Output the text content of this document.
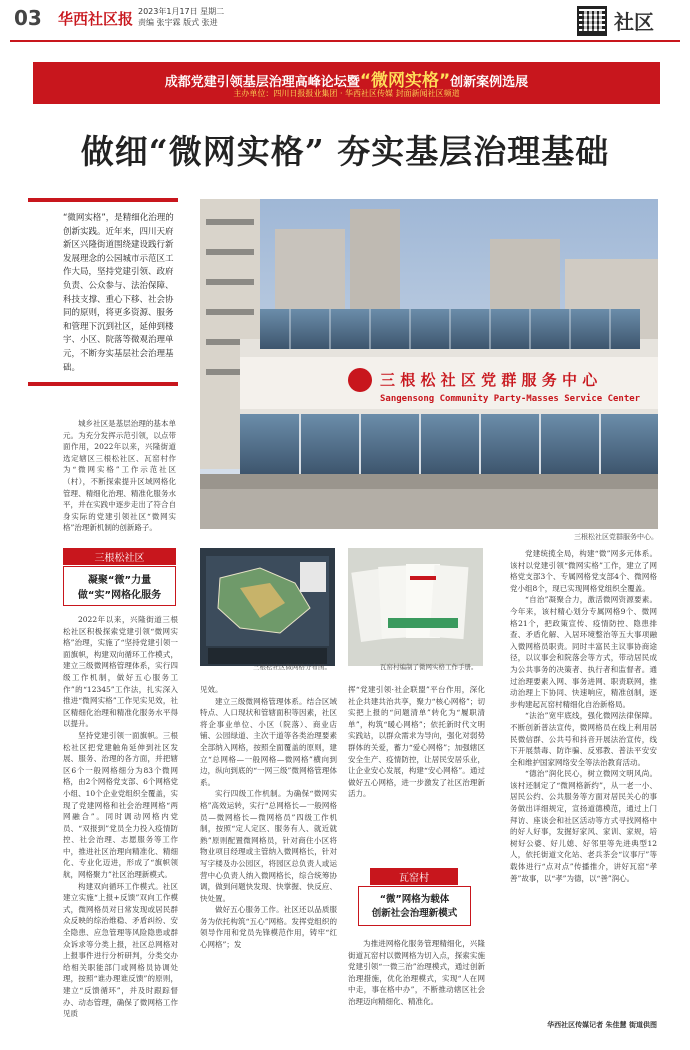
03 华西社区报 2023年1月17日 星期二
责编 张宇霖 版式 张进	社区
成都党建引领基层治理高峰论坛暨“微网实格”创新案例选展
主办单位：四川日报报业集团 · 华西社区传媒 封面新闻社区频道
做细“微网实格” 夯实基层治理基础
“微网实格”，是精细化治理的创新实践。近年来，四川天府新区兴隆街道围绕建设践行新发展理念的公园城市示范区工作大局，坚持党建引领、政府负责、公众参与、法治保障、科技支撑、重心下移、社会协同的原则，将更多资源、服务和管理下沉到社区，延伸到楼宇、小区、院落等微观治理单元，不断夯实基层社会治理基础。

城乡社区是基层治理的基本单元。为充分发挥示范引领，以点带面作用，2022年以来，兴隆街道选定辖区三根松社区、瓦窑村作为“微网实格”工作示范社区（村），不断探索提升区域网格化管理、精细化治理、精准化服务水平，并在实践中逐步走出了符合自身实际的党建引领社区“微网实格”治理新机制的创新路子。

三 根 松 社 区 党 群 服 务 中 心
Sangensong Community Party-Masses Service Center
三根松社区党群服务中心。
三根松社区
凝聚“微”力量
做“实”网格化服务

2022年以来，兴隆街道三根松社区积极探索党建引领“微网实格”治理，实施了“坚持党建引领一面旗帜，构建双向循环工作模式，建立三级微网格管理体系，实行四级工作机制，做好五心服务工作”的“12345”工作法，扎实深入推进“微网实格”工作见实见效，社区精细化治理和精准化服务水平得以提升。

坚持党建引领一面旗帜。三根松社区把党建触角延伸到社区发展、服务、治理的各方面，并把辖区6个一般网格细分为83个微网格，由2个网格党支部、6个网格党小组、10个企业党组织全覆盖，实现了党建网格和社会治理网格“两网融合”。同时调动网格内党员、“双报到”党员全力投入疫情防控、社会治理、志愿服务等工作中，推进社区治理向精准化、精细化、专业化迈进，形成了“旗帜领航，网格聚力”社区治理新模式。

构建双向循环工作模式。社区建立实施“上报+反馈”双向工作模式，微网格员对日常发现或居民群众反映的综治维稳、矛盾纠纷、安全隐患、应急管理等风险隐患或群众诉求等分类上报，社区总网格对上报事件进行分析研判，分类交办给相关职能部门或网格员协调处理，按照“谁办理谁反馈”的原则，建立“反馈循环”，并及时跟踪督办、动态管理，确保了微网格工作见质

三根松社区微网格分布图。	瓦窑村编制了微网实格工作手册。

见效。

建立三级微网格管理体系。结合区域特点、人口现状和管辖面积等因素，社区将企事业单位、小区（院落）、商业店铺、公园绿道、主次干道等各类治理要素全部纳入网格，按照全面覆盖的原则，建立“总网格—一般网格—微网格”横向到边，纵向到底的“一网三级”微网格管理体系。

实行四级工作机制。为确保“微网实格”高效运转，实行“总网格长—一般网格员—微网格长—微网格员”四级工作机制，按照“定人定区、服务有人、就近就熟”原则配置微网格员，针对商住小区将物业项目经理或主管纳入微网格长，针对写字楼及办公园区，将园区总负责人或运营中心负责人纳入微网格长，综合统筹协调，做到问题快发现、快掌握、快反应、快处置。

做好五心服务工作。社区还以品质服务为依托构筑“五心”网格。发挥党组织的领导作用和党员先锋模范作用，铸牢“红心网格”；发

挥“党建引领·社企联盟”平台作用，深化社企共建共治共享，聚力“核心网格”；切实把上报的“问题清单”转化为“履职清单”，构筑“暖心网格”；依托新时代文明实践站，以群众需求为导向，强化对弱势群体的关爱，蓄力“爱心网格”；加强辖区安全生产、疫情防控，让居民安居乐业，让企业安心发展，构建“安心网格”。通过做好五心网格，进一步激发了社区治理新活力。

瓦窑村
“微”网格为载体
创新社会治理新模式

为推进网格化服务管理精细化，兴隆街道瓦窑村以微网格为切入点，探索实施党建引领“一微三治”治理模式，通过创新治理措施，优化治理模式，实现“人在网中走，事在格中办”，不断推动辖区社会治理迈向精细化、精准化。

党建统揽全局，构建“微”网多元体系。该村以党建引领“微网实格”工作，建立了网格党支部3个、专属网格党支部4个、微网格党小组8个，现已实现网格党组织全覆盖。

“自治”凝聚合力，激活微网资源要素。今年来，该村精心划分专属网格9个、微网格21个，把政策宣传、疫情防控、隐患排查、矛盾化解、入居环境整治等五大事项融入微网格员职责。同时丰富民主议事协商途径，以议事会和院落会等方式，带动居民成为公共事务的决策者、执行者和监督者。通过治理要素入网、事务进网、职责联网，推动治理上下协同、快速响应，精准创制，逐步构建起瓦窑村精细化自治新格局。

“法治”宽牢底线，强化微网法律保障。不断创新普法宣传，微网格员在线上利用居民微信群、公共号和抖音开展法治宣传，线下开展禁毒、防诈骗、反邪教、普法平安安全和维护国家网络安全等法治教育活动。

“德治”润化民心，树立微网文明风尚。该村还制定了“微网格新约”，从一老一小、居民公约、公共服务等方面对居民关心的事务做出详细规定，宣扬道德模范，通过上门拜访、座谈会和社区活动等方式寻找网格中的好人好事，发掘好家风、家训、家规，培树好公婆、好儿媳、好邻里等先进典型12人，依托街道文化站、老兵茶会“议事厅”等载体进行“点对点”传播推介，讲好瓦窑“孝善”故事，以“孝”为德，以“善”润心。

华西社区传媒记者 朱佳慧 街道供图
